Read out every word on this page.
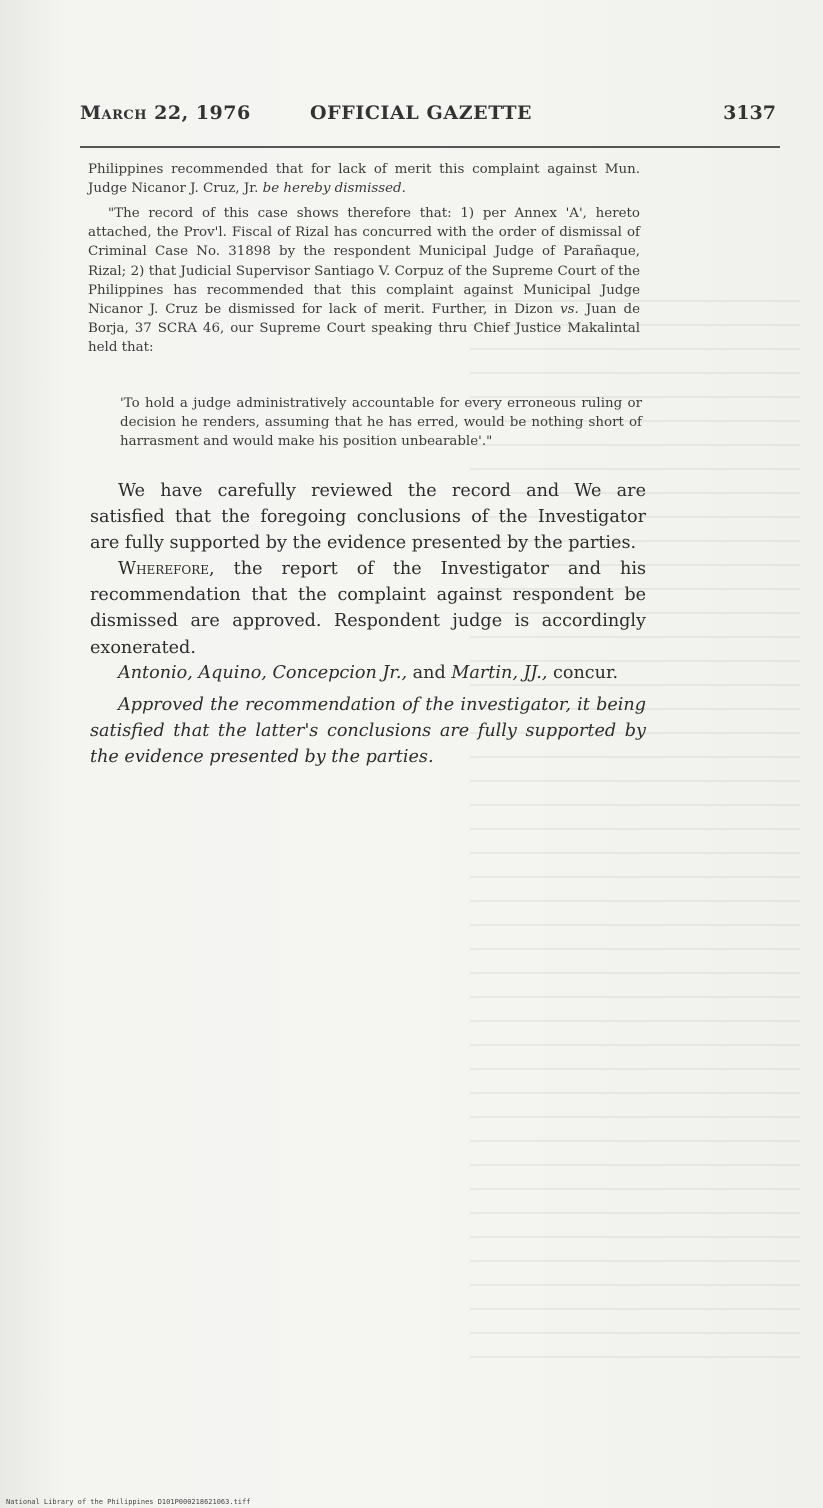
March 22, 1976	OFFICIAL GAZETTE	3137

Philippines recommended that for lack of merit this complaint against Mun. Judge Nicanor J. Cruz, Jr. be hereby dismissed.

"The record of this case shows therefore that: 1) per Annex 'A', hereto attached, the Prov'l. Fiscal of Rizal has concurred with the order of dismissal of Criminal Case No. 31898 by the respondent Municipal Judge of Parañaque, Rizal; 2) that Judicial Supervisor Santiago V. Corpuz of the Supreme Court of the Philippines has recommended that this complaint against Municipal Judge Nicanor J. Cruz be dismissed for lack of merit. Further, in Dizon vs. Juan de Borja, 37 SCRA 46, our Supreme Court speaking thru Chief Justice Makalintal held that:

'To hold a judge administratively accountable for every erroneous ruling or decision he renders, assuming that he has erred, would be nothing short of harrasment and would make his position unbearable'."

We have carefully reviewed the record and We are satisfied that the foregoing conclusions of the Investigator are fully supported by the evidence presented by the parties.

Wherefore, the report of the Investigator and his recommendation that the complaint against respondent be dismissed are approved. Respondent judge is accordingly exonerated.

Antonio, Aquino, Concepcion Jr., and Martin, JJ., concur.

Approved the recommendation of the investigator, it being satisfied that the latter's conclusions are fully supported by the evidence presented by the parties.

National Library of the Philippines D101P000218621063.tiff
